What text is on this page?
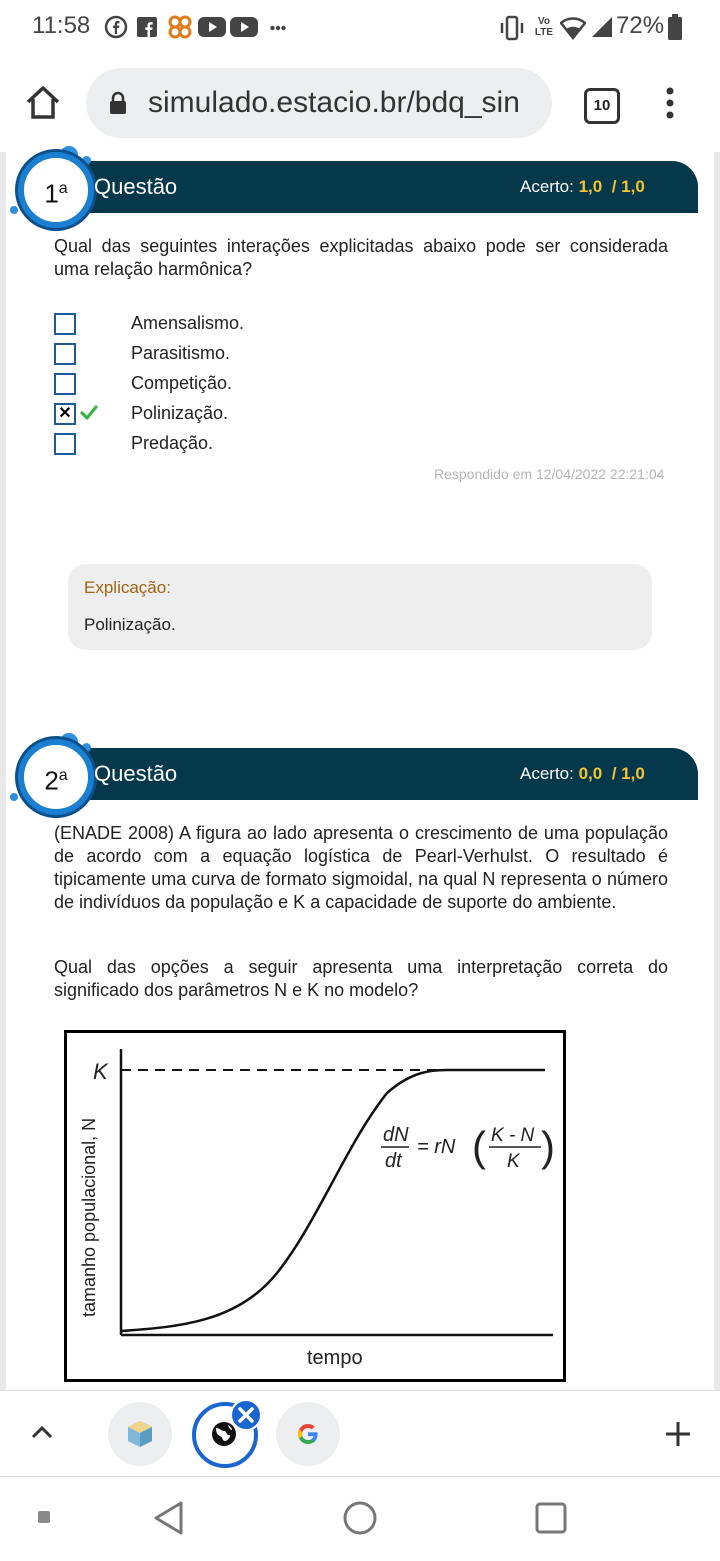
11:58	Vo LTE	72%
simulado.estacio.br/bdq_sin	10
1$^a$	Questão	Acerto: 1,0 / 1,0
Qual das seguintes interações explicitadas abaixo pode ser considerada uma relação harmônica?
Amensalismo.
Parasitismo.
Competição.
✕	Polinização.
Predação.
Respondido em 12/04/2022 22:21:04
Explicação:
Polinização.
2$^a$	Questão	Acerto: 0,0 / 1,0
(ENADE 2008) A figura ao lado apresenta o crescimento de uma população de acordo com a equação logística de Pearl-Verhulst. O resultado é tipicamente uma curva de formato sigmoidal, na qual N representa o número de indivíduos da população e K a capacidade de suporte do ambiente.
Qual das opções a seguir apresenta uma interpretação correta do significado dos parâmetros N e K no modelo?
dN
dt
= rN ( K - N
K )
K
tamanho populacional, N
tempo
